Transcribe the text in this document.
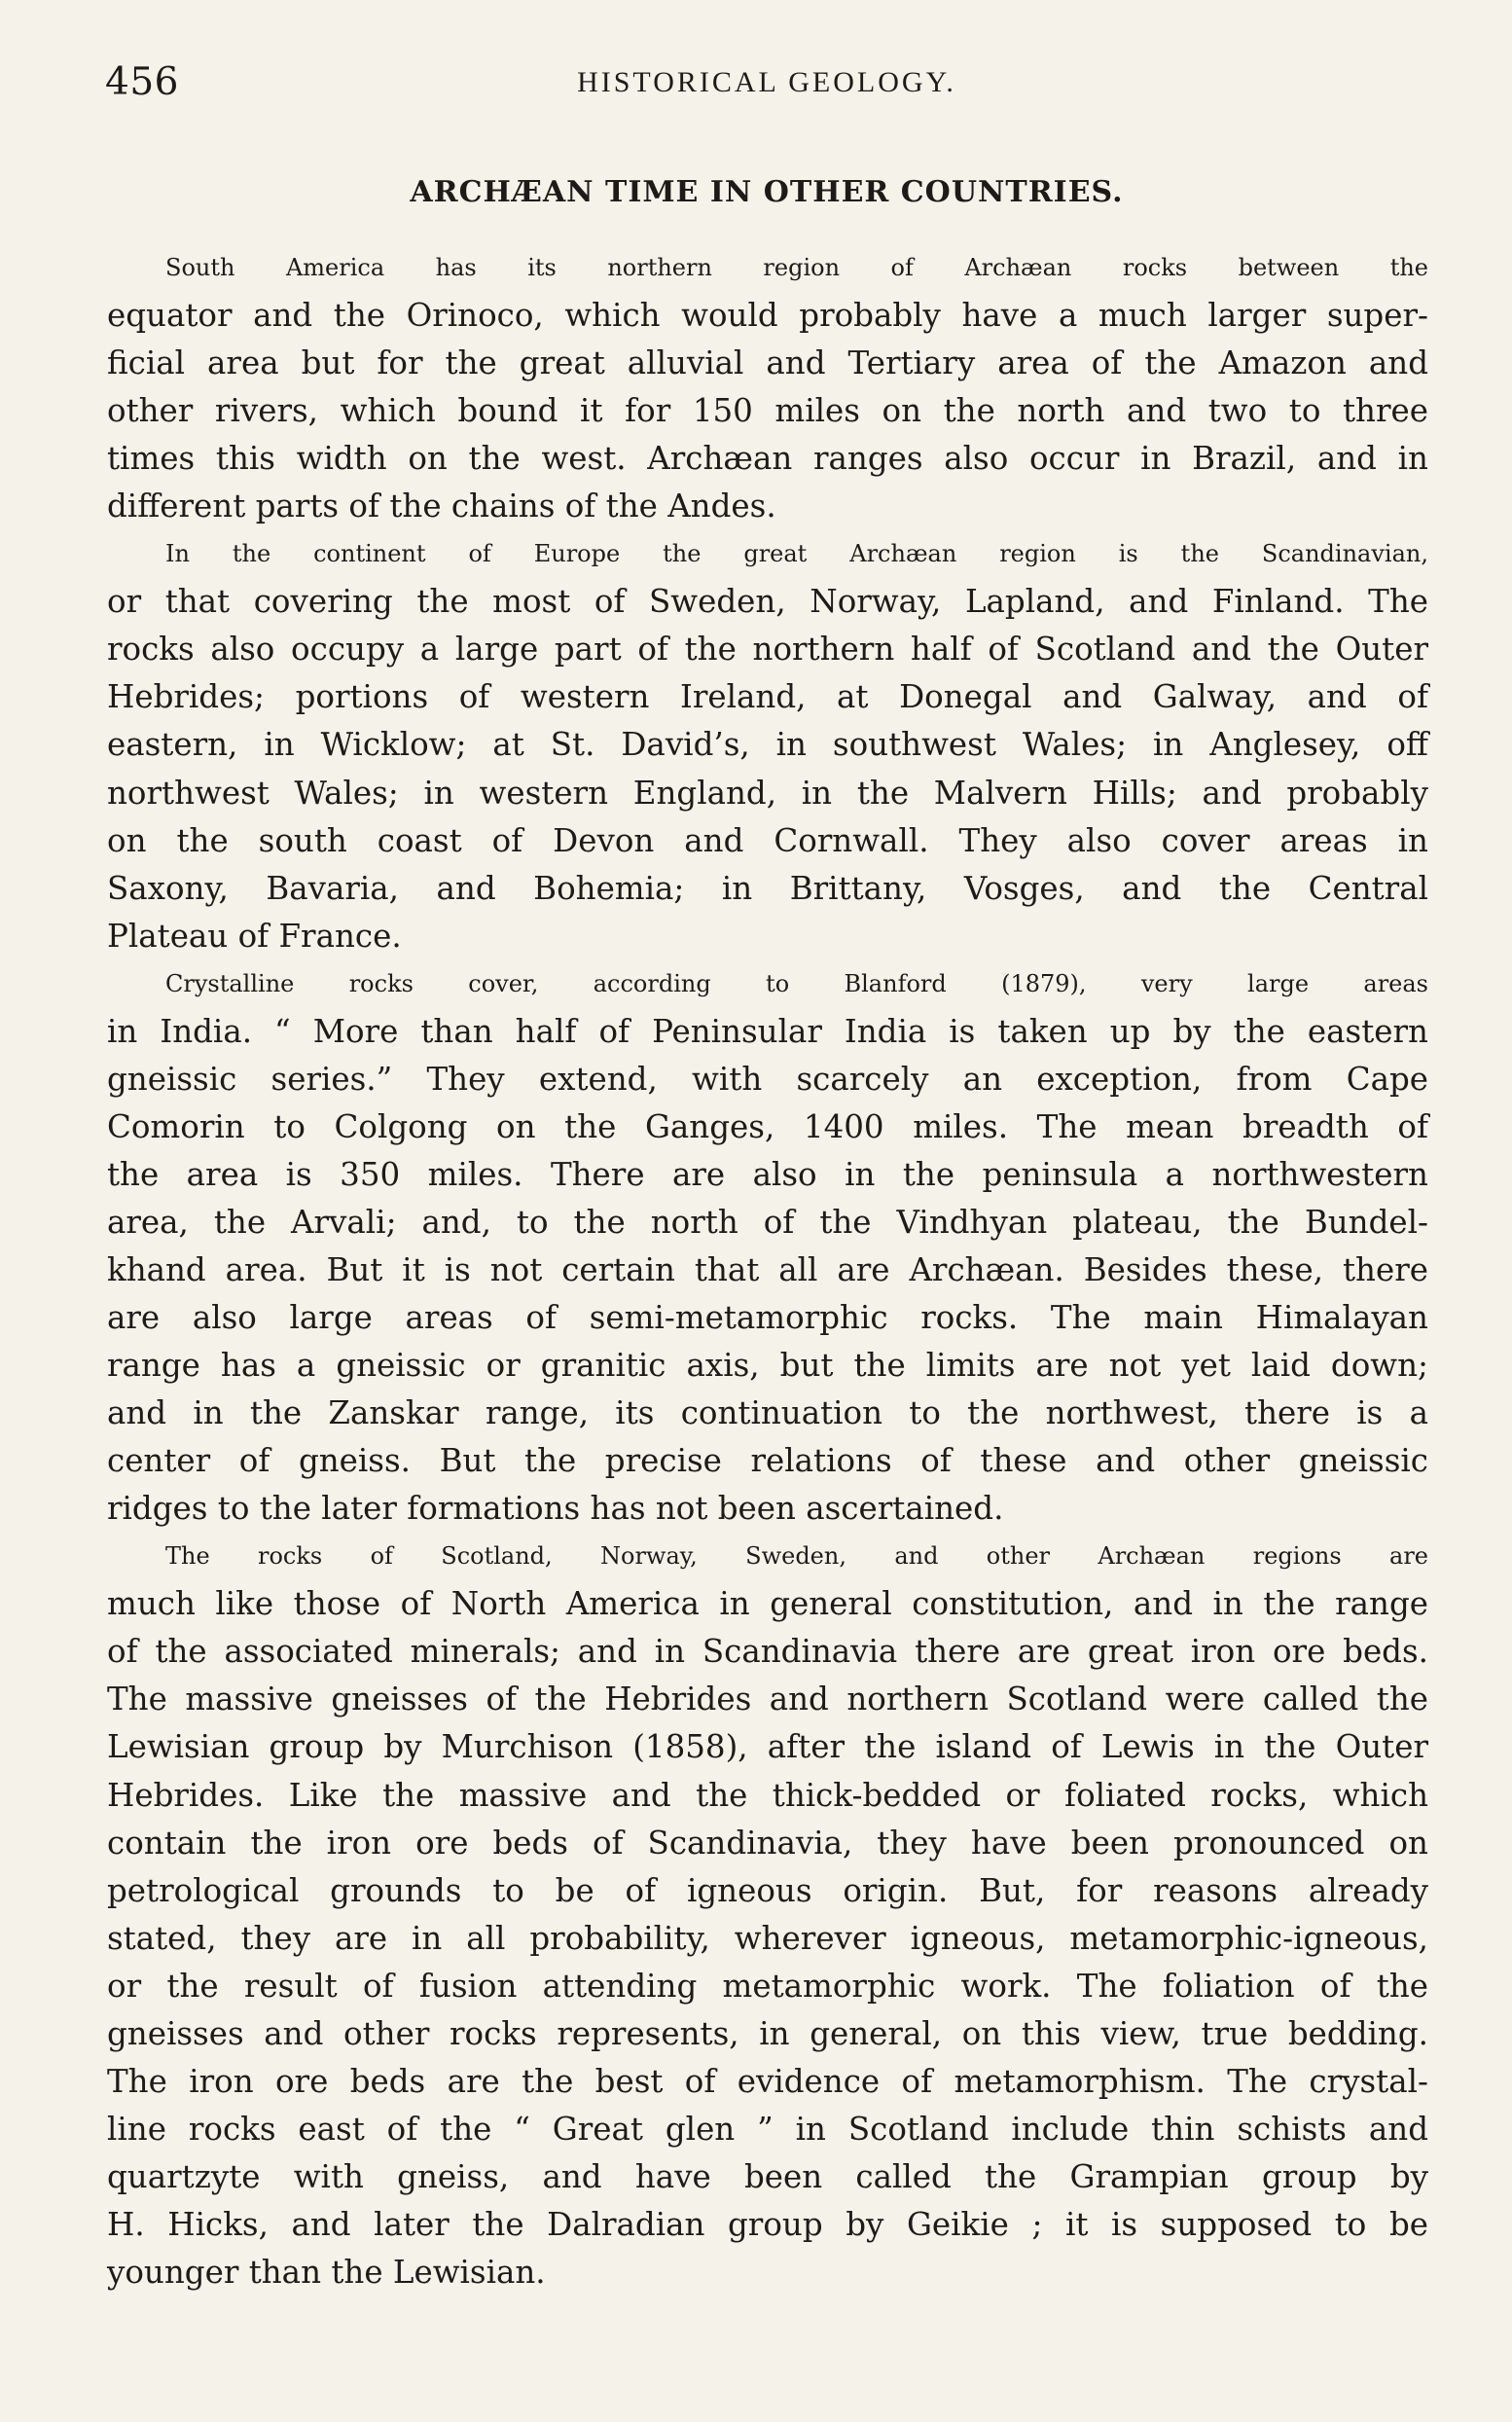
456	HISTORICAL GEOLOGY.
ARCHÆAN TIME IN OTHER COUNTRIES.

South America has its northern region of Archæan rocks between the
equator and the Orinoco, which would probably have a much larger super-
ficial area but for the great alluvial and Tertiary area of the Amazon and
other rivers, which bound it for 150 miles on the north and two to three
times this width on the west. Archæan ranges also occur in Brazil, and in
different parts of the chains of the Andes.

In the continent of Europe the great Archæan region is the Scandinavian,
or that covering the most of Sweden, Norway, Lapland, and Finland. The
rocks also occupy a large part of the northern half of Scotland and the Outer
Hebrides; portions of western Ireland, at Donegal and Galway, and of
eastern, in Wicklow; at St. David’s, in southwest Wales; in Anglesey, off
northwest Wales; in western England, in the Malvern Hills; and probably
on the south coast of Devon and Cornwall. They also cover areas in
Saxony, Bavaria, and Bohemia; in Brittany, Vosges, and the Central
Plateau of France.

Crystalline rocks cover, according to Blanford (1879), very large areas
in India. “ More than half of Peninsular India is taken up by the eastern
gneissic series.” They extend, with scarcely an exception, from Cape
Comorin to Colgong on the Ganges, 1400 miles. The mean breadth of
the area is 350 miles. There are also in the peninsula a northwestern
area, the Arvali; and, to the north of the Vindhyan plateau, the Bundel-
khand area. But it is not certain that all are Archæan. Besides these, there
are also large areas of semi-metamorphic rocks. The main Himalayan
range has a gneissic or granitic axis, but the limits are not yet laid down;
and in the Zanskar range, its continuation to the northwest, there is a
center of gneiss. But the precise relations of these and other gneissic
ridges to the later formations has not been ascertained.

The rocks of Scotland, Norway, Sweden, and other Archæan regions are
much like those of North America in general constitution, and in the range
of the associated minerals; and in Scandinavia there are great iron ore beds.
The massive gneisses of the Hebrides and northern Scotland were called the
Lewisian group by Murchison (1858), after the island of Lewis in the Outer
Hebrides. Like the massive and the thick-bedded or foliated rocks, which
contain the iron ore beds of Scandinavia, they have been pronounced on
petrological grounds to be of igneous origin. But, for reasons already
stated, they are in all probability, wherever igneous, metamorphic-igneous,
or the result of fusion attending metamorphic work. The foliation of the
gneisses and other rocks represents, in general, on this view, true bedding.
The iron ore beds are the best of evidence of metamorphism. The crystal-
line rocks east of the “ Great glen ” in Scotland include thin schists and
quartzyte with gneiss, and have been called the Grampian group by
H. Hicks, and later the Dalradian group by Geikie ; it is supposed to be
younger than the Lewisian.
